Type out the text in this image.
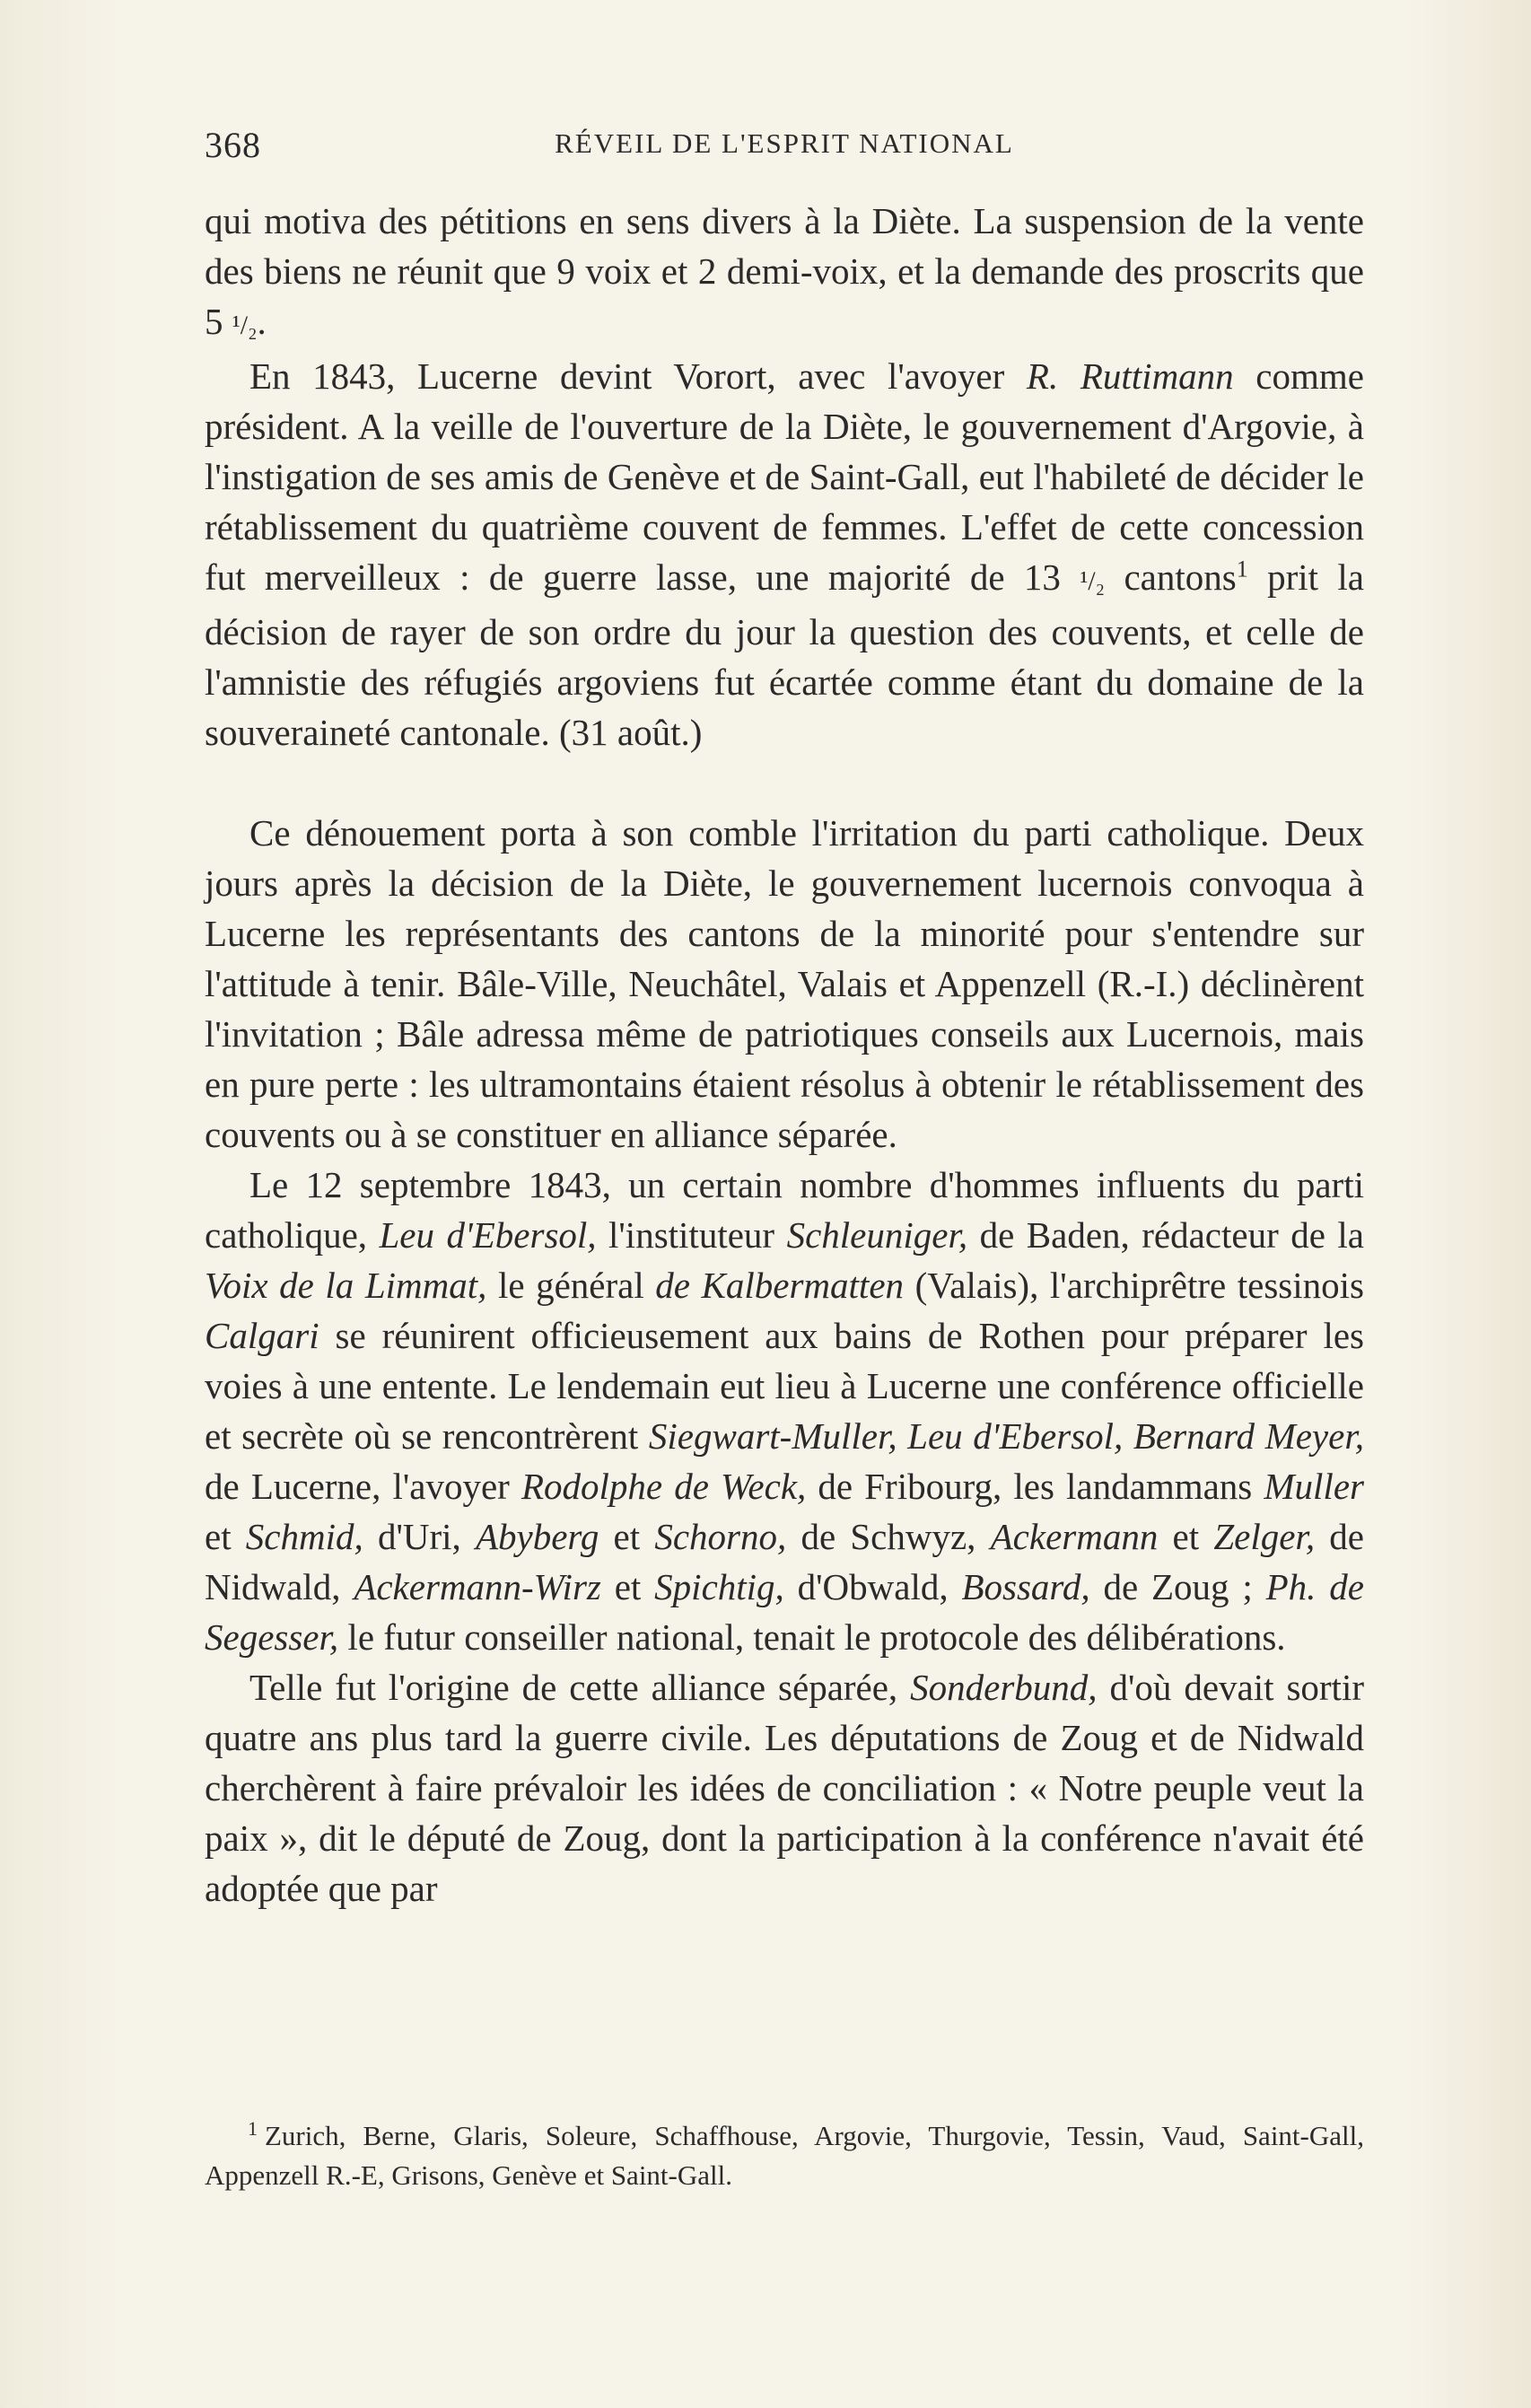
368	RÉVEIL DE L'ESPRIT NATIONAL

qui motiva des pétitions en sens divers à la Diète. La suspension de la vente des biens ne réunit que 9 voix et 2 demi-voix, et la demande des proscrits que 5 ¹/₂.

En 1843, Lucerne devint Vorort, avec l'avoyer R. Ruttimann comme président. A la veille de l'ouverture de la Diète, le gouvernement d'Argovie, à l'instigation de ses amis de Genève et de Saint-Gall, eut l'habileté de décider le rétablissement du quatrième couvent de femmes. L'effet de cette concession fut merveilleux : de guerre lasse, une majorité de 13 ¹/₂ cantons$^1$ prit la décision de rayer de son ordre du jour la question des couvents, et celle de l'amnistie des réfugiés argoviens fut écartée comme étant du domaine de la souveraineté cantonale. (31 août.)

Ce dénouement porta à son comble l'irritation du parti catholique. Deux jours après la décision de la Diète, le gouvernement lucernois convoqua à Lucerne les représentants des cantons de la minorité pour s'entendre sur l'attitude à tenir. Bâle-Ville, Neuchâtel, Valais et Appenzell (R.-I.) déclinèrent l'invitation ; Bâle adressa même de patriotiques conseils aux Lucernois, mais en pure perte : les ultramontains étaient résolus à obtenir le rétablissement des couvents ou à se constituer en alliance séparée.

Le 12 septembre 1843, un certain nombre d'hommes influents du parti catholique, Leu d'Ebersol, l'instituteur Schleuniger, de Baden, rédacteur de la Voix de la Limmat, le général de Kalbermatten (Valais), l'archiprêtre tessinois Calgari se réunirent officieusement aux bains de Rothen pour préparer les voies à une entente. Le lendemain eut lieu à Lucerne une conférence officielle et secrète où se rencontrèrent Siegwart-Muller, Leu d'Ebersol, Bernard Meyer, de Lucerne, l'avoyer Rodolphe de Weck, de Fribourg, les landammans Muller et Schmid, d'Uri, Abyberg et Schorno, de Schwyz, Ackermann et Zelger, de Nidwald, Ackermann-Wirz et Spichtig, d'Obwald, Bossard, de Zoug ; Ph. de Segesser, le futur conseiller national, tenait le protocole des délibérations.

Telle fut l'origine de cette alliance séparée, Sonderbund, d'où devait sortir quatre ans plus tard la guerre civile. Les députations de Zoug et de Nidwald cherchèrent à faire prévaloir les idées de conciliation : « Notre peuple veut la paix », dit le député de Zoug, dont la participation à la conférence n'avait été adoptée que par

$^1$ Zurich, Berne, Glaris, Soleure, Schaffhouse, Argovie, Thurgovie, Tessin, Vaud, Saint-Gall, Appenzell R.-E, Grisons, Genève et Saint-Gall.
